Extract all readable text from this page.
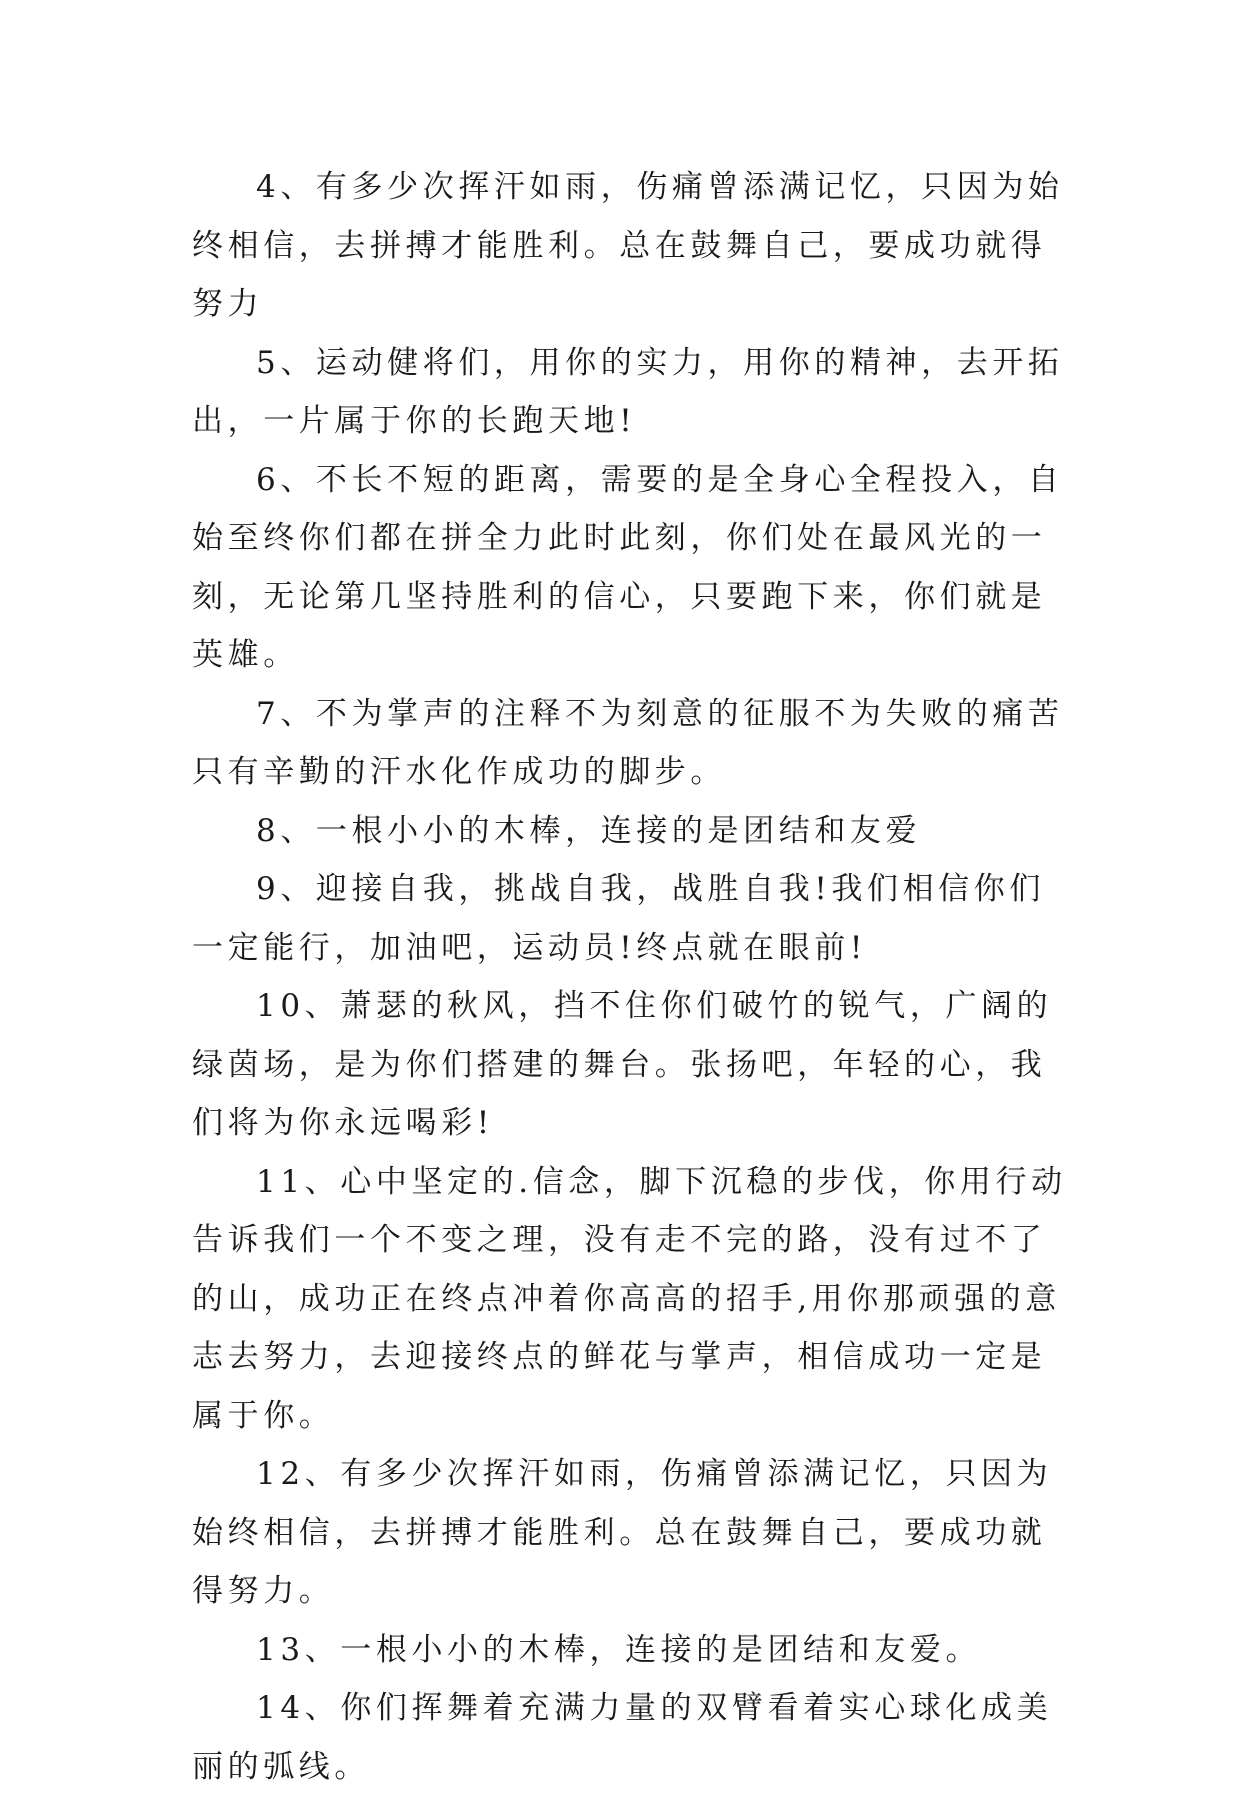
4、有多少次挥汗如雨，伤痛曾添满记忆，只因为始终相信，去拼搏才能胜利。总在鼓舞自己，要成功就得努力

5、运动健将们，用你的实力，用你的精神，去开拓出，一片属于你的长跑天地!

6、不长不短的距离，需要的是全身心全程投入，自始至终你们都在拼全力此时此刻，你们处在最风光的一刻，无论第几坚持胜利的信心，只要跑下来，你们就是英雄。

7、不为掌声的注释不为刻意的征服不为失败的痛苦只有辛勤的汗水化作成功的脚步。

8、一根小小的木棒，连接的是团结和友爱

9、迎接自我，挑战自我，战胜自我!我们相信你们一定能行，加油吧，运动员!终点就在眼前!

10、萧瑟的秋风，挡不住你们破竹的锐气，广阔的绿茵场，是为你们搭建的舞台。张扬吧，年轻的心，我们将为你永远喝彩!

11、心中坚定的.信念，脚下沉稳的步伐，你用行动告诉我们一个不变之理，没有走不完的路，没有过不了的山，成功正在终点冲着你高高的招手,用你那顽强的意志去努力，去迎接终点的鲜花与掌声，相信成功一定是属于你。

12、有多少次挥汗如雨，伤痛曾添满记忆，只因为始终相信，去拼搏才能胜利。总在鼓舞自己，要成功就得努力。

13、一根小小的木棒，连接的是团结和友爱。

14、你们挥舞着充满力量的双臂看着实心球化成美丽的弧线。
